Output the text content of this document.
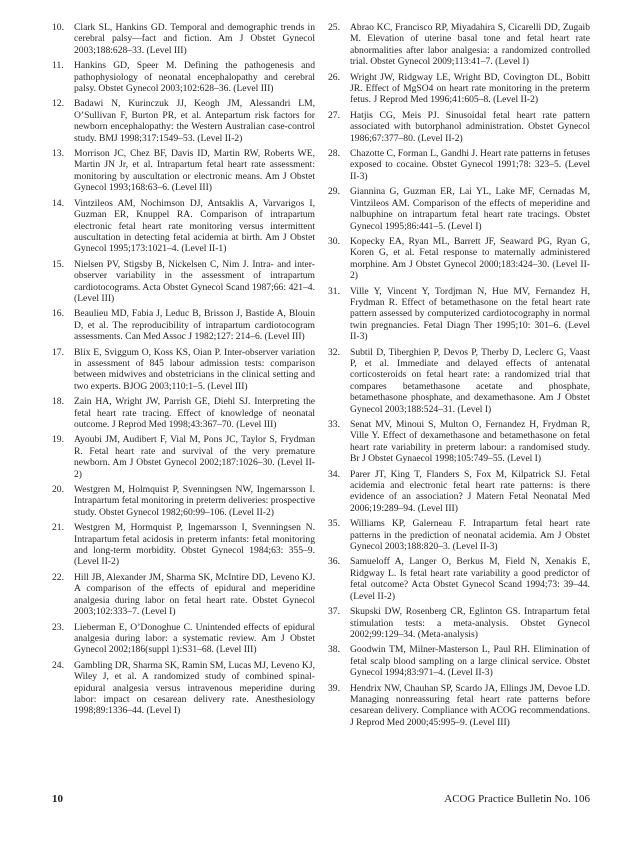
10.	Clark SL, Hankins GD. Temporal and demographic trends in cerebral palsy—fact and fiction. Am J Obstet Gynecol 2003;188:628–33. (Level III)
11.	Hankins GD, Speer M. Defining the pathogenesis and pathophysiology of neonatal encephalopathy and cerebral palsy. Obstet Gynecol 2003;102:628–36. (Level III)
12.	Badawi N, Kurinczuk JJ, Keogh JM, Alessandri LM, O’Sullivan F, Burton PR, et al. Antepartum risk factors for newborn encephalopathy: the Western Australian case-control study. BMJ 1998;317:1549–53. (Level II-2)
13.	Morrison JC, Chez BF, Davis ID, Martin RW, Roberts WE, Martin JN Jr, et al. Intrapartum fetal heart rate assessment: monitoring by auscultation or electronic means. Am J Obstet Gynecol 1993;168:63–6. (Level III)
14.	Vintzileos AM, Nochimson DJ, Antsaklis A, Varvarigos I, Guzman ER, Knuppel RA. Comparison of intrapartum electronic fetal heart rate monitoring versus intermittent auscultation in detecting fetal acidemia at birth. Am J Obstet Gynecol 1995;173:1021–4. (Level II-1)
15.	Nielsen PV, Stigsby B, Nickelsen C, Nim J. Intra- and inter-observer variability in the assessment of intrapartum cardiotocograms. Acta Obstet Gynecol Scand 1987;66: 421–4. (Level III)
16.	Beaulieu MD, Fabia J, Leduc B, Brisson J, Bastide A, Blouin D, et al. The reproducibility of intrapartum cardiotocogram assessments. Can Med Assoc J 1982;127: 214–6. (Level III)
17.	Blix E, Sviggum O, Koss KS, Oian P. Inter-observer variation in assessment of 845 labour admission tests: comparison between midwives and obstetricians in the clinical setting and two experts. BJOG 2003;110:1–5. (Level III)
18.	Zain HA, Wright JW, Parrish GE, Diehl SJ. Interpreting the fetal heart rate tracing. Effect of knowledge of neonatal outcome. J Reprod Med 1998;43:367–70. (Level III)
19.	Ayoubi JM, Audibert F, Vial M, Pons JC, Taylor S, Frydman R. Fetal heart rate and survival of the very premature newborn. Am J Obstet Gynecol 2002;187:1026–30. (Level II-2)
20.	Westgren M, Holmquist P, Svenningsen NW, Ingemarsson I. Intrapartum fetal monitoring in preterm deliveries: prospective study. Obstet Gynecol 1982;60:99–106. (Level II-2)
21.	Westgren M, Hormquist P, Ingemarsson I, Svenningsen N. Intrapartum fetal acidosis in preterm infants: fetal monitoring and long-term morbidity. Obstet Gynecol 1984;63: 355–9. (Level II-2)
22.	Hill JB, Alexander JM, Sharma SK, McIntire DD, Leveno KJ. A comparison of the effects of epidural and meperidine analgesia during labor on fetal heart rate. Obstet Gynecol 2003;102:333–7. (Level I)
23.	Lieberman E, O’Donoghue C. Unintended effects of epidural analgesia during labor: a systematic review. Am J Obstet Gynecol 2002;186(suppl 1):S31–68. (Level III)
24.	Gambling DR, Sharma SK, Ramin SM, Lucas MJ, Leveno KJ, Wiley J, et al. A randomized study of combined spinal-epidural analgesia versus intravenous meperidine during labor: impact on cesarean delivery rate. Anesthesiology 1998;89:1336–44. (Level I)
25.	Abrao KC, Francisco RP, Miyadahira S, Cicarelli DD, Zugaib M. Elevation of uterine basal tone and fetal heart rate abnormalities after labor analgesia: a randomized controlled trial. Obstet Gynecol 2009;113:41–7. (Level I)
26.	Wright JW, Ridgway LE, Wright BD, Covington DL, Bobitt JR. Effect of MgSO4 on heart rate monitoring in the preterm fetus. J Reprod Med 1996;41:605–8. (Level II-2)
27.	Hatjis CG, Meis PJ. Sinusoidal fetal heart rate pattern associated with butorphanol administration. Obstet Gynecol 1986;67:377–80. (Level II-2)
28.	Chazotte C, Forman L, Gandhi J. Heart rate patterns in fetuses exposed to cocaine. Obstet Gynecol 1991;78: 323–5. (Level II-3)
29.	Giannina G, Guzman ER, Lai YL, Lake MF, Cernadas M, Vintzileos AM. Comparison of the effects of meperidine and nalbuphine on intrapartum fetal heart rate tracings. Obstet Gynecol 1995;86:441–5. (Level I)
30.	Kopecky EA, Ryan ML, Barrett JF, Seaward PG, Ryan G, Koren G, et al. Fetal response to maternally administered morphine. Am J Obstet Gynecol 2000;183:424–30. (Level II-2)
31.	Ville Y, Vincent Y, Tordjman N, Hue MV, Fernandez H, Frydman R. Effect of betamethasone on the fetal heart rate pattern assessed by computerized cardiotocography in normal twin pregnancies. Fetal Diagn Ther 1995;10: 301–6. (Level II-3)
32.	Subtil D, Tiberghien P, Devos P, Therby D, Leclerc G, Vaast P, et al. Immediate and delayed effects of antenatal corticosteroids on fetal heart rate: a randomized trial that compares betamethasone acetate and phosphate, betamethasone phosphate, and dexamethasone. Am J Obstet Gynecol 2003;188:524–31. (Level I)
33.	Senat MV, Minoui S, Multon O, Fernandez H, Frydman R, Ville Y. Effect of dexamethasone and betamethasone on fetal heart rate variability in preterm labour: a randomised study. Br J Obstet Gynaecol 1998;105:749–55. (Level I)
34.	Parer JT, King T, Flanders S, Fox M, Kilpatrick SJ. Fetal acidemia and electronic fetal heart rate patterns: is there evidence of an association? J Matern Fetal Neonatal Med 2006;19:289–94. (Level III)
35.	Williams KP, Galerneau F. Intrapartum fetal heart rate patterns in the prediction of neonatal acidemia. Am J Obstet Gynecol 2003;188:820–3. (Level II-3)
36.	Samueloff A, Langer O, Berkus M, Field N, Xenakis E, Ridgway L. Is fetal heart rate variability a good predictor of fetal outcome? Acta Obstet Gynecol Scand 1994;73: 39–44. (Level II-2)
37.	Skupski DW, Rosenberg CR, Eglinton GS. Intrapartum fetal stimulation tests: a meta-analysis. Obstet Gynecol 2002;99:129–34. (Meta-analysis)
38.	Goodwin TM, Milner-Masterson L, Paul RH. Elimination of fetal scalp blood sampling on a large clinical service. Obstet Gynecol 1994;83:971–4. (Level II-3)
39.	Hendrix NW, Chauhan SP, Scardo JA, Ellings JM, Devoe LD. Managing nonreassuring fetal heart rate patterns before cesarean delivery. Compliance with ACOG recommendations. J Reprod Med 2000;45:995–9. (Level III)
10	ACOG Practice Bulletin No. 106
